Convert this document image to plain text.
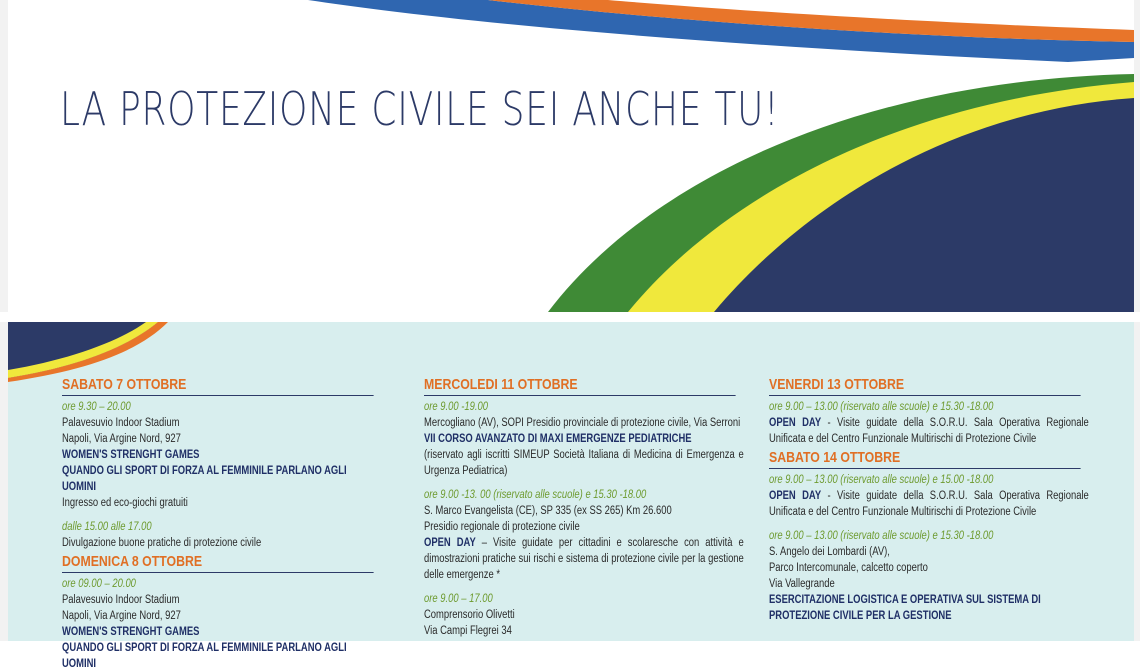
LA PROTEZIONE CIVILE SEI ANCHE TU!
SABATO 7 OTTOBRE
ore 9.30 – 20.00
Palavesuvio Indoor Stadium
Napoli, Via Argine Nord, 927
WOMEN'S STRENGHT GAMES
QUANDO GLI SPORT DI FORZA AL FEMMINILE PARLANO AGLI UOMINI
Ingresso ed eco-giochi gratuiti
dalle 15.00 alle 17.00
Divulgazione buone pratiche di protezione civile
DOMENICA 8 OTTOBRE
ore 09.00 – 20.00
Palavesuvio Indoor Stadium
Napoli, Via Argine Nord, 927
WOMEN'S STRENGHT GAMES
QUANDO GLI SPORT DI FORZA AL FEMMINILE PARLANO AGLI UOMINI
MERCOLEDI 11 OTTOBRE
ore 9.00 -19.00
Mercogliano (AV), SOPI Presidio provinciale di protezione civile, Via Serroni
VII CORSO AVANZATO DI MAXI EMERGENZE PEDIATRICHE
(riservato agli iscritti SIMEUP Società Italiana di Medicina di Emergenza e Urgenza Pediatrica)
ore 9.00 -13. 00 (riservato alle scuole) e 15.30 -18.00
S. Marco Evangelista (CE), SP 335 (ex SS 265) Km 26.600
Presidio regionale di protezione civile
OPEN DAY – Visite guidate per cittadini e scolaresche con attività e dimostrazioni pratiche sui rischi e sistema di protezione civile per la gestione delle emergenze *
ore 9.00 – 17.00
Comprensorio Olivetti
Via Campi Flegrei 34
VENERDI 13 OTTOBRE
ore 9.00 – 13.00 (riservato alle scuole) e 15.30 -18.00
OPEN DAY - Visite guidate della S.O.R.U. Sala Operativa Regionale Unificata e del Centro Funzionale Multirischi di Protezione Civile
SABATO 14 OTTOBRE
ore 9.00 – 13.00 (riservato alle scuole) e 15.00 -18.00
OPEN DAY - Visite guidate della S.O.R.U. Sala Operativa Regionale Unificata e del Centro Funzionale Multirischi di Protezione Civile
ore 9.00 – 13.00 (riservato alle scuole) e 15.30 -18.00
S. Angelo dei Lombardi (AV),
Parco Intercomunale, calcetto coperto
Via Vallegrande
ESERCITAZIONE LOGISTICA E OPERATIVA SUL SISTEMA DI PROTEZIONE CIVILE PER LA GESTIONE
